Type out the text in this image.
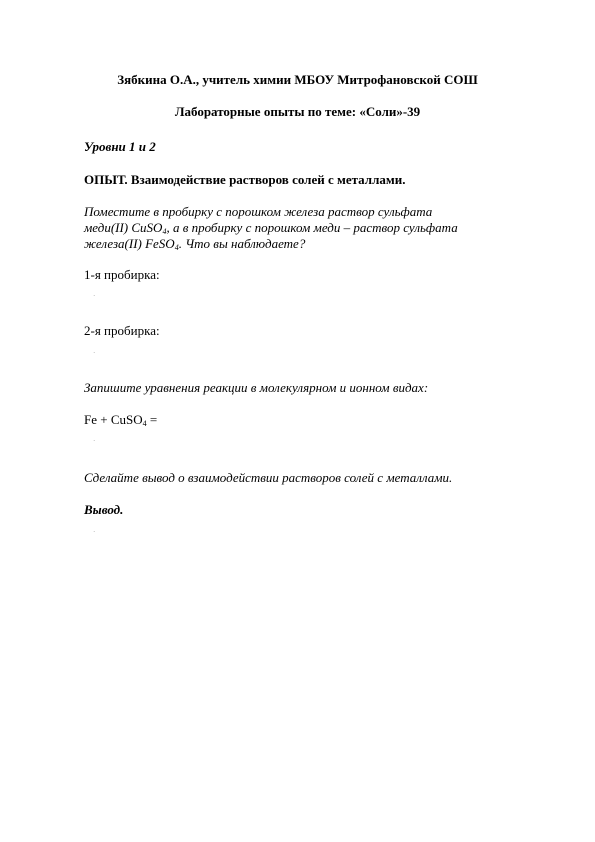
Зябкина О.А., учитель химии МБОУ Митрофановской СОШ
Лабораторные опыты по теме: «Соли»-39
Уровни 1 и 2
ОПЫТ. Взаимодействие растворов солей с металлами.
Поместите в пробирку с порошком железа раствор сульфата
меди(II) CuSO$_4$, а в пробирку с порошком меди – раствор сульфата
железа(II) FeSO$_4$. Что вы наблюдаете?
1-я пробирка:
·
2-я пробирка:
·
Запишите уравнения реакции в молекулярном и ионном видах:
Fe + CuSO$_4$ =
·
Сделайте вывод о взаимодействии растворов солей с металлами.
Вывод.
·
